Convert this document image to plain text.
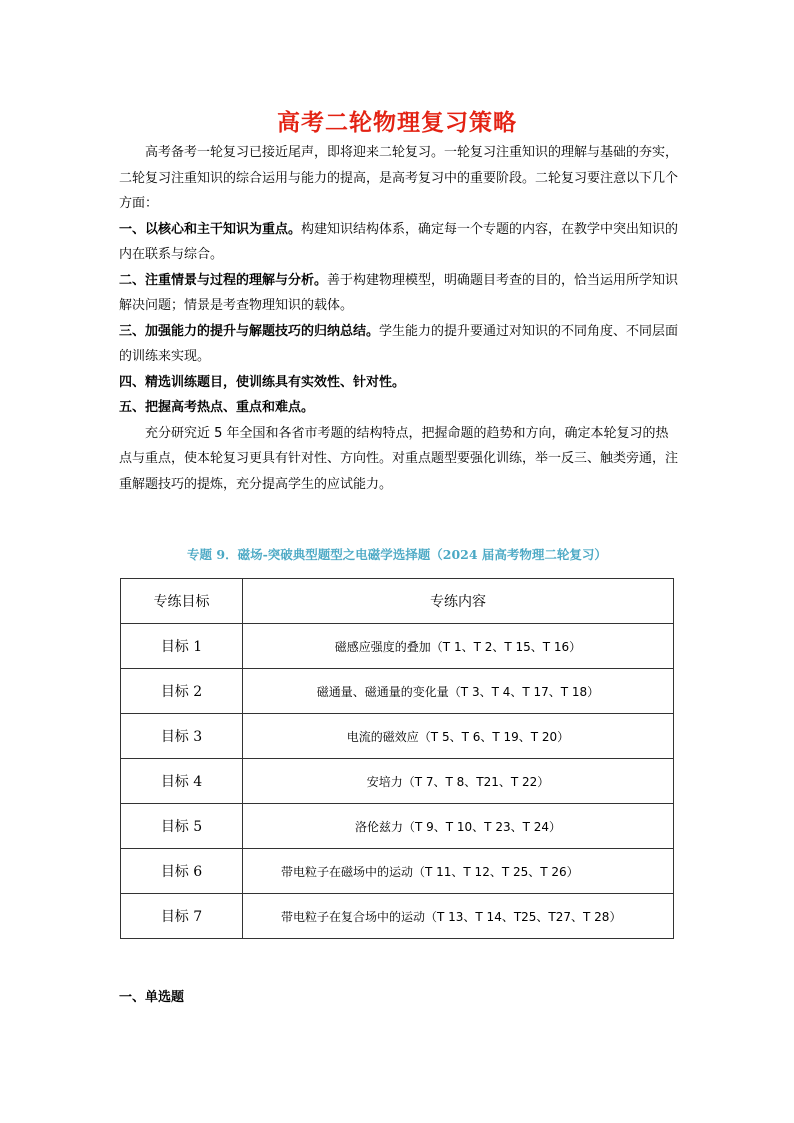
高考二轮物理复习策略

高考备考一轮复习已接近尾声，即将迎来二轮复习。一轮复习注重知识的理解与基础的夯实，二轮复习注重知识的综合运用与能力的提高，是高考复习中的重要阶段。二轮复习要注意以下几个方面：

一、以核心和主干知识为重点。构建知识结构体系，确定每一个专题的内容，在教学中突出知识的内在联系与综合。

二、注重情景与过程的理解与分析。善于构建物理模型，明确题目考查的目的，恰当运用所学知识解决问题；情景是考查物理知识的载体。

三、加强能力的提升与解题技巧的归纳总结。学生能力的提升要通过对知识的不同角度、不同层面的训练来实现。

四、精选训练题目，使训练具有实效性、针对性。

五、把握高考热点、重点和难点。

充分研究近 5 年全国和各省市考题的结构特点，把握命题的趋势和方向，确定本轮复习的热点与重点，使本轮复习更具有针对性、方向性。对重点题型要强化训练，举一反三、触类旁通，注重解题技巧的提炼，充分提高学生的应试能力。

专题 9．磁场-突破典型题型之电磁学选择题（2024 届高考物理二轮复习）
专练目标	专练内容
目标 1	磁感应强度的叠加（T 1、T 2、T 15、T 16）
目标 2	磁通量、磁通量的变化量（T 3、T 4、T 17、T 18）
目标 3	电流的磁效应（T 5、T 6、T 19、T 20）
目标 4	安培力（T 7、T 8、T21、T 22）
目标 5	洛伦兹力（T 9、T 10、T 23、T 24）
目标 6	带电粒子在磁场中的运动（T 11、T 12、T 25、T 26）
目标 7	带电粒子在复合场中的运动（T 13、T 14、T25、T27、T 28）
一、单选题
